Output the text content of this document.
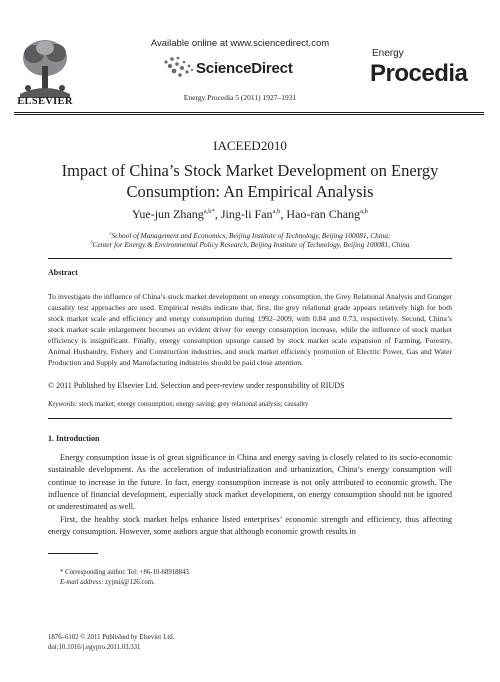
ELSEVIER
Available online at www.sciencedirect.com
ScienceDirect
Energy Procedia 5 (2011) 1927–1931
Energy
Procedia
IACEED2010
Impact of China’s Stock Market Development on Energy Consumption: An Empirical Analysis
Yue-jun Zhang$^{a,b*}$, Jing-li Fan$^{a,b}$, Hao-ran Chang$^{a,b}$
$^a$School of Management and Economics, Beijing Institute of Technology, Beijing 100081, China;
$^b$Center for Energy & Environmental Policy Research, Beijing Institute of Technology, Beijing 100081, China
Abstract
To investigate the influence of China’s stock market development on energy consumption, the Grey Relational Analysis and Granger causality test approaches are used. Empirical results indicate that, first, the grey relational grade appears relatively high for both stock market scale and efficiency and energy consumption during 1992–2009, with 0.84 and 0.73, respectively. Second, China’s stock market scale enlargement becomes an evident driver for energy consumption increase, while the influence of stock market efficiency is insignificant. Finally, energy consumption upsurge caused by stock market scale expansion of Farming, Forestry, Animal Husbandry, Fishery and Construction industries, and stock market efficiency promotion of Electric Power, Gas and Water Production and Supply and Manufacturing industries should be paid close attention.
© 2011 Published by Elsevier Ltd. Selection and peer-review under responsibility of RIUDS
Keywords: stock market; energy consumption; energy saving; grey relational analysis; causality
1. Introduction

Energy consumption issue is of great significance in China and energy saving is closely related to its socio-economic sustainable development. As the acceleration of industrialization and urbanization, China’s energy consumption will continue to increase in the future. In fact, energy consumption increase is not only attributed to economic growth. The influence of financial development, especially stock market development, on energy consumption should not be ignored or underestimated as well.

First, the healthy stock market helps enhance listed enterprises’ economic strength and efficiency, thus affecting energy consumption. However, some authors argue that although economic growth results in

* Corresponding author. Tel: +86-10-68918843.
E-mail address: zyjmis@126.com.
1876–6102 © 2011 Published by Elsevier Ltd.
doi:10.1016/j.egypro.2011.03.331
